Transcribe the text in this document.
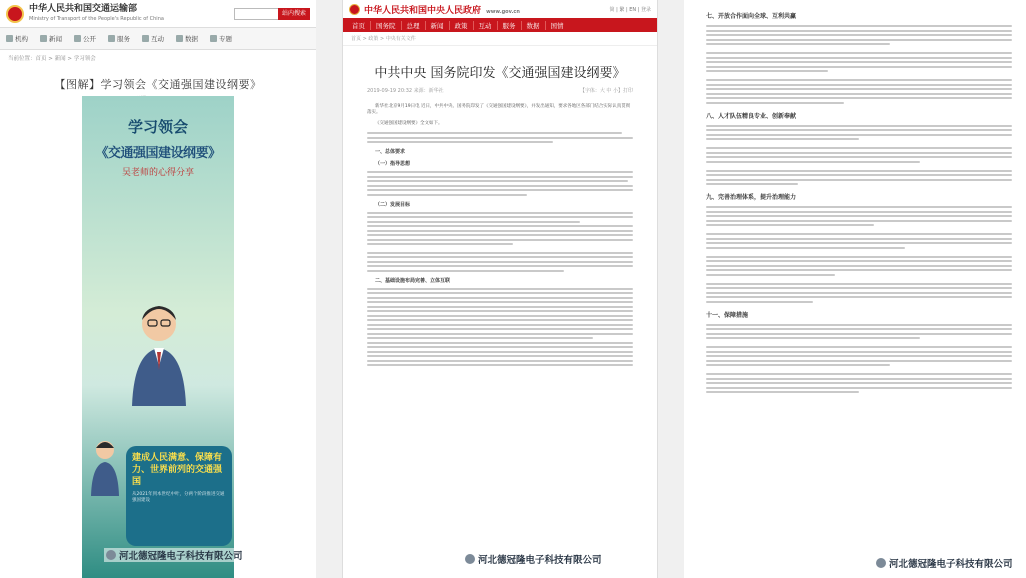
中华人民共和国交通运输部
Ministry of Transport of the People's Republic of China
站内搜索
机构	新闻	公开	服务	互动	数据	专题
当前位置：首页 > 新闻 > 学习领会
【图解】学习领会《交通强国建设纲要》
学习领会
《交通强国建设纲要》
吴老师的心得分享
建成人民满意、保障有力、世界前列的交通强国
从2021年到本世纪中叶，分两个阶段推进交通强国建设
河北德冠隆电子科技有限公司
中华人民共和国中央人民政府 www.gov.cn	简 | 繁 | EN | 登录
首页	国务院	总理	新闻	政策	互动	服务	数据	国情
首页 > 政策 > 中央有关文件
中共中央 国务院印发《交通强国建设纲要》
2019-09-19 20:32 来源：新华社	【字体：大 中 小】打印
新华社北京9月19日电 近日，中共中央、国务院印发了《交通强国建设纲要》，并发出通知，要求各地区各部门结合实际认真贯彻落实。
《交通强国建设纲要》全文如下。
一、总体要求
（一）指导思想
（二）发展目标
二、基础设施布局完善、立体互联
河北德冠隆电子科技有限公司
七、开放合作面向全球、互利共赢
八、人才队伍精良专业、创新奉献
九、完善治理体系，提升治理能力
十一、保障措施
河北德冠隆电子科技有限公司
